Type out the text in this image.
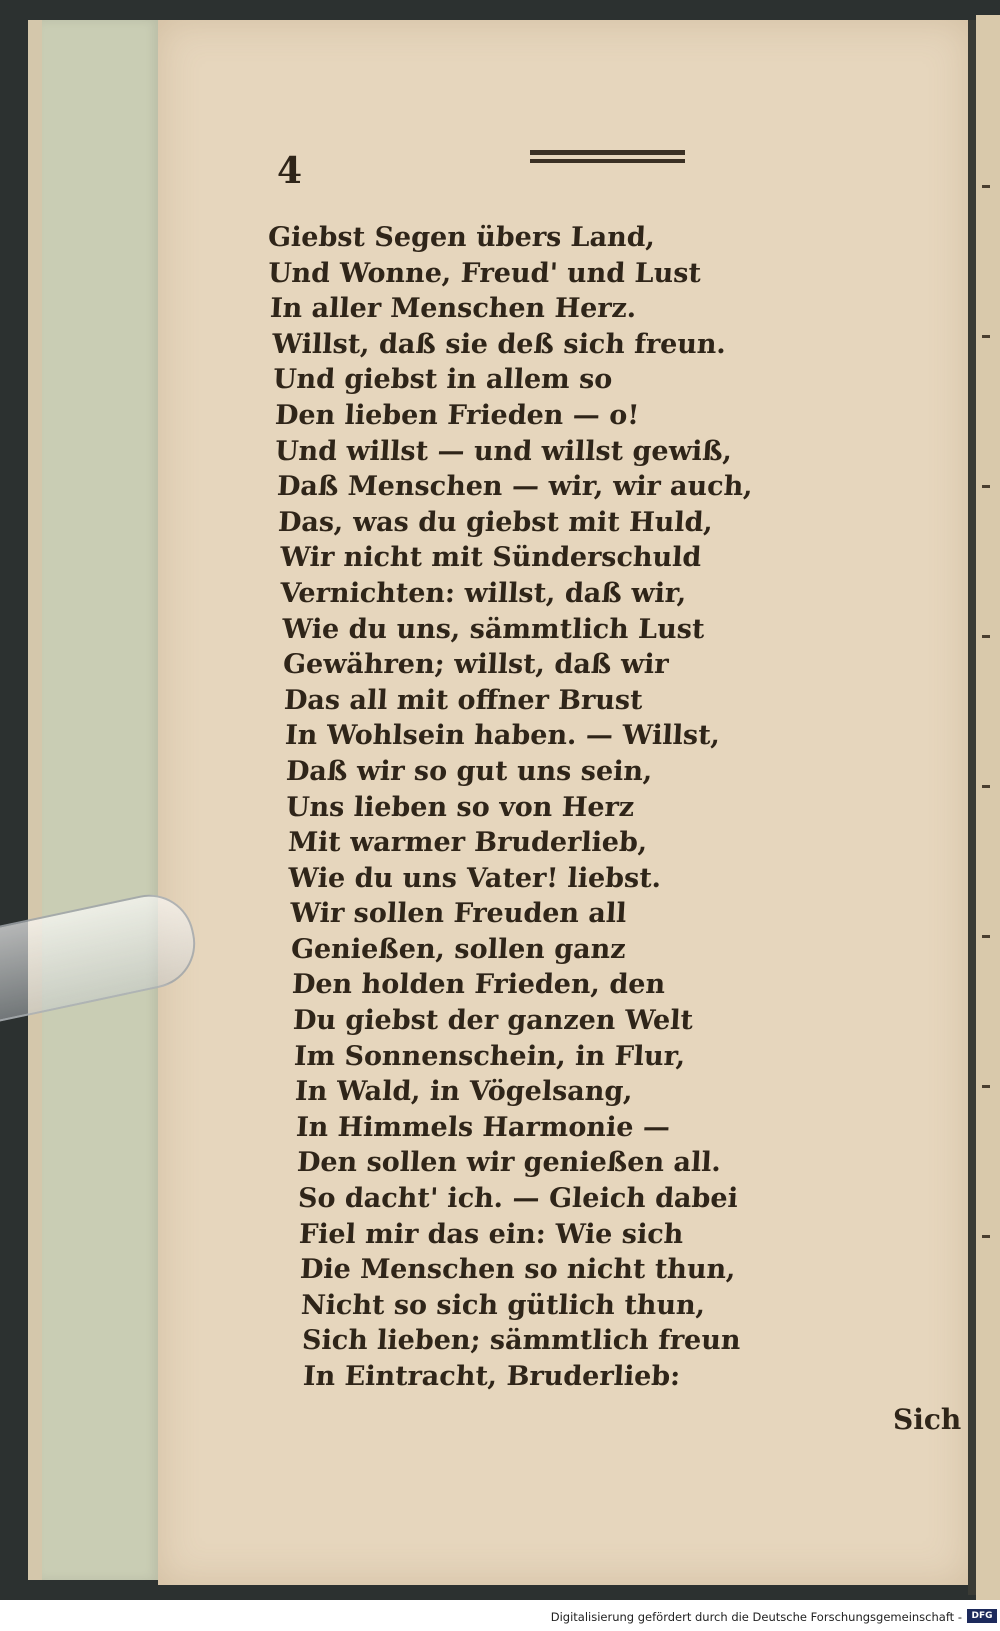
4
Giebst Segen übers Land,
Und Wonne, Freud' und Lust
In aller Menschen Herz.
Willst, daß sie deß sich freun.
Und giebst in allem so
Den lieben Frieden — o!
Und willst — und willst gewiß,
Daß Menschen — wir, wir auch,
Das, was du giebst mit Huld,
Wir nicht mit Sünderschuld
Vernichten: willst, daß wir,
Wie du uns, sämmtlich Lust
Gewähren; willst, daß wir
Das all mit offner Brust
In Wohlsein haben. — Willst,
Daß wir so gut uns sein,
Uns lieben so von Herz
Mit warmer Bruderlieb,
Wie du uns Vater! liebst.
Wir sollen Freuden all
Genießen, sollen ganz
Den holden Frieden, den
Du giebst der ganzen Welt
Im Sonnenschein, in Flur,
In Wald, in Vögelsang,
In Himmels Harmonie —
Den sollen wir genießen all.
So dacht' ich. — Gleich dabei
Fiel mir das ein: Wie sich
Die Menschen so nicht thun,
Nicht so sich gütlich thun,
Sich lieben; sämmtlich freun
In Eintracht, Bruderlieb:
Sich
Digitalisierung gefördert durch die Deutsche Forschungsgemeinschaft -	DFG
